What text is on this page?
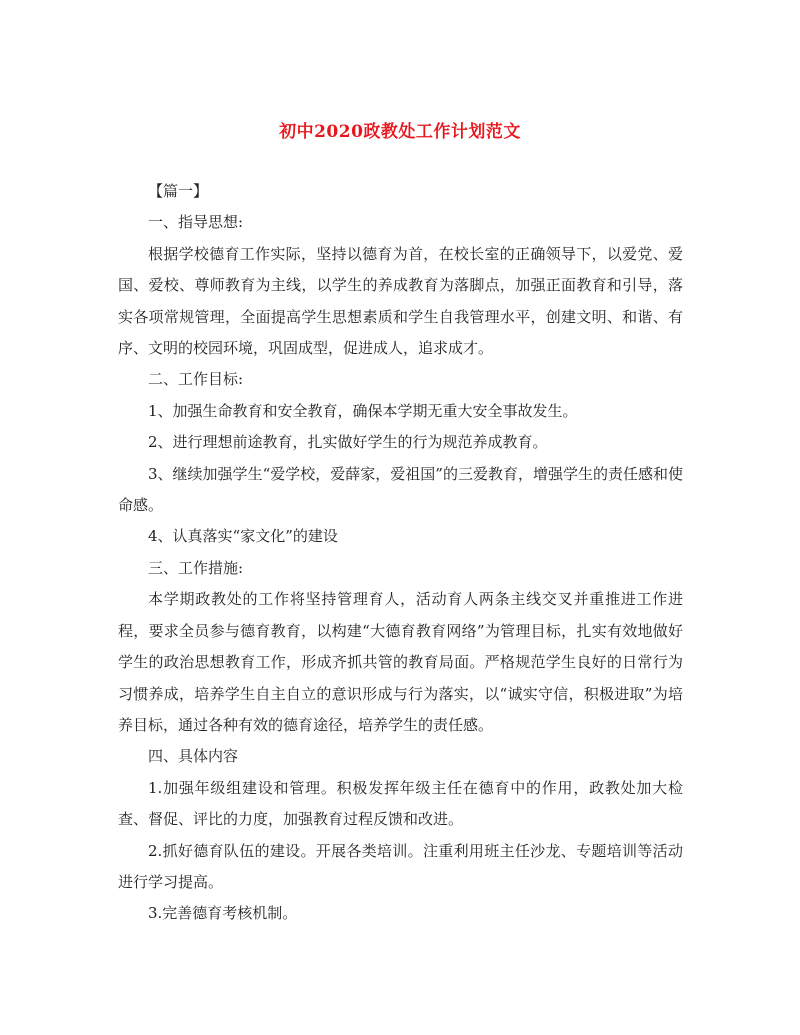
初中2020政教处工作计划范文

【篇一】

一、指导思想:

根据学校德育工作实际，坚持以德育为首，在校长室的正确领导下，以爱党、爱国、爱校、尊师教育为主线，以学生的养成教育为落脚点，加强正面教育和引导，落实各项常规管理，全面提高学生思想素质和学生自我管理水平，创建文明、和谐、有序、文明的校园环境，巩固成型，促进成人，追求成才。

二、工作目标:

1、加强生命教育和安全教育，确保本学期无重大安全事故发生。

2、进行理想前途教育，扎实做好学生的行为规范养成教育。

3、继续加强学生“爱学校，爱薛家，爱祖国”的三爱教育，增强学生的责任感和使命感。

4、认真落实“家文化”的建设

三、工作措施:

本学期政教处的工作将坚持管理育人，活动育人两条主线交叉并重推进工作进程，要求全员参与德育教育，以构建“大德育教育网络”为管理目标，扎实有效地做好学生的政治思想教育工作，形成齐抓共管的教育局面。严格规范学生良好的日常行为习惯养成，培养学生自主自立的意识形成与行为落实，以“诚实守信，积极进取”为培养目标，通过各种有效的德育途径，培养学生的责任感。

四、具体内容

1.加强年级组建设和管理。积极发挥年级主任在德育中的作用，政教处加大检查、督促、评比的力度，加强教育过程反馈和改进。

2.抓好德育队伍的建设。开展各类培训。注重利用班主任沙龙、专题培训等活动进行学习提高。

3.完善德育考核机制。
